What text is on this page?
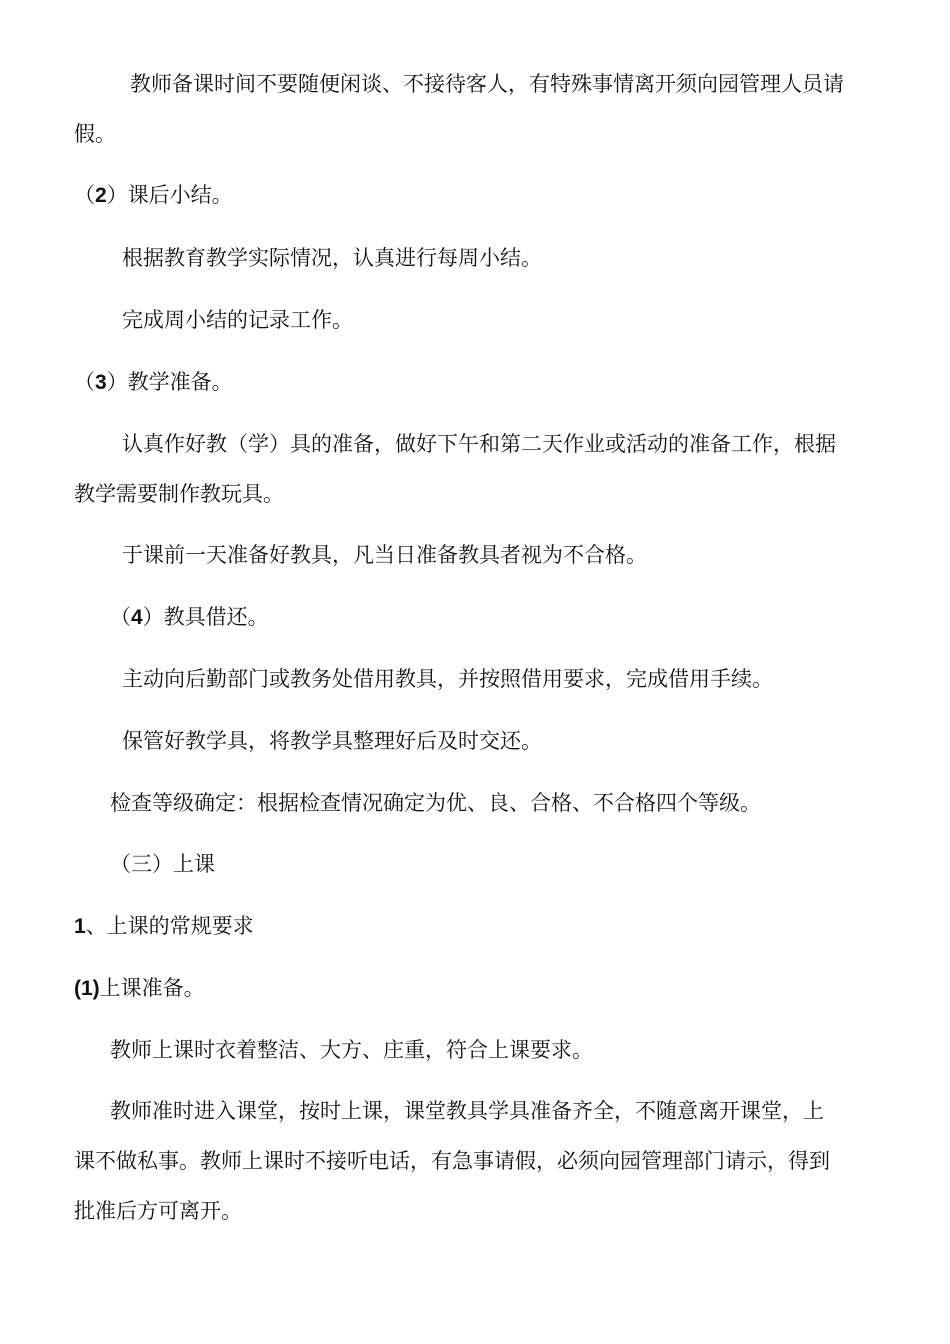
教师备课时间不要随便闲谈、不接待客人，有特殊事情离开须向园管理人员请

假。

（2）课后小结。

根据教育教学实际情况，认真进行每周小结。

完成周小结的记录工作。

（3）教学准备。

认真作好教（学）具的准备，做好下午和第二天作业或活动的准备工作，根据

教学需要制作教玩具。

于课前一天准备好教具，凡当日准备教具者视为不合格。

（4）教具借还。

主动向后勤部门或教务处借用教具，并按照借用要求，完成借用手续。

保管好教学具，将教学具整理好后及时交还。

检查等级确定：根据检查情况确定为优、良、合格、不合格四个等级。

（三）上课

1、上课的常规要求

(1)上课准备。

教师上课时衣着整洁、大方、庄重，符合上课要求。

教师准时进入课堂，按时上课，课堂教具学具准备齐全，不随意离开课堂，上

课不做私事。教师上课时不接听电话，有急事请假，必须向园管理部门请示，得到

批准后方可离开。
